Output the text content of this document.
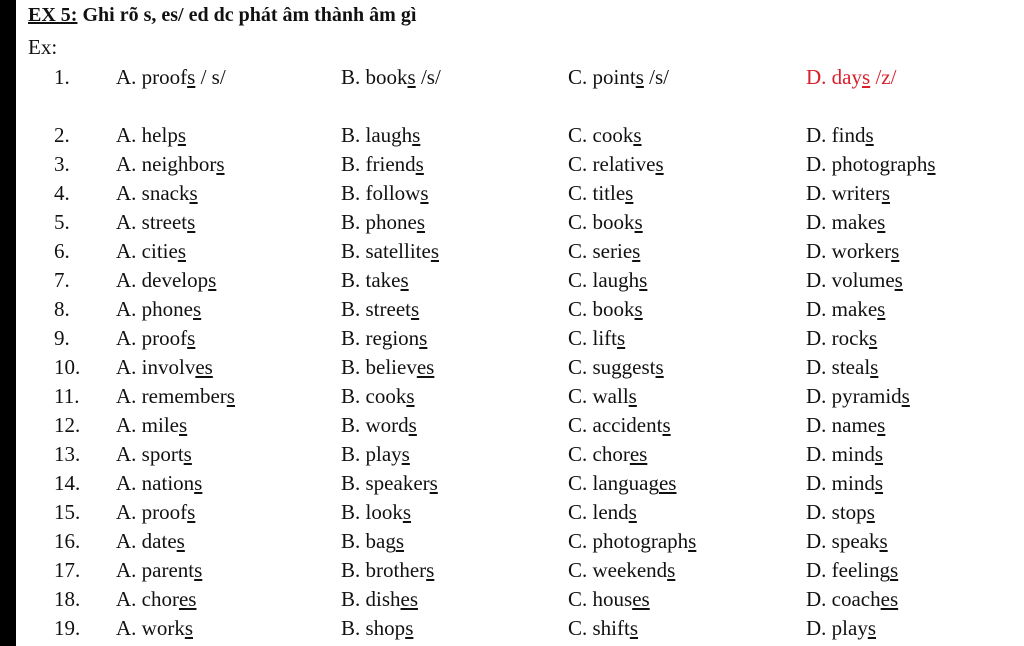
EX 5: Ghi rõ s, es/ ed dc phát âm thành âm gì
Ex:
1.	A. proofs / s/	B. books /s/	C. points /s/	D. days /z/
2.	A. helps	B. laughs	C. cooks	D. finds
3.	A. neighbors	B. friends	C. relatives	D. photographs
4.	A. snacks	B. follows	C. titles	D. writers
5.	A. streets	B. phones	C. books	D. makes
6.	A. cities	B. satellites	C. series	D. workers
7.	A. develops	B. takes	C. laughs	D. volumes
8.	A. phones	B. streets	C. books	D. makes
9.	A. proofs	B. regions	C. lifts	D. rocks
10.	A. involves	B. believes	C. suggests	D. steals
11.	A. remembers	B. cooks	C. walls	D. pyramids
12.	A. miles	B. words	C. accidents	D. names
13.	A. sports	B. plays	C. chores	D. minds
14.	A. nations	B. speakers	C. languages	D. minds
15.	A. proofs	B. looks	C. lends	D. stops
16.	A. dates	B. bags	C. photographs	D. speaks
17.	A. parents	B. brothers	C. weekends	D. feelings
18.	A. chores	B. dishes	C. houses	D. coaches
19.	A. works	B. shops	C. shifts	D. plays
